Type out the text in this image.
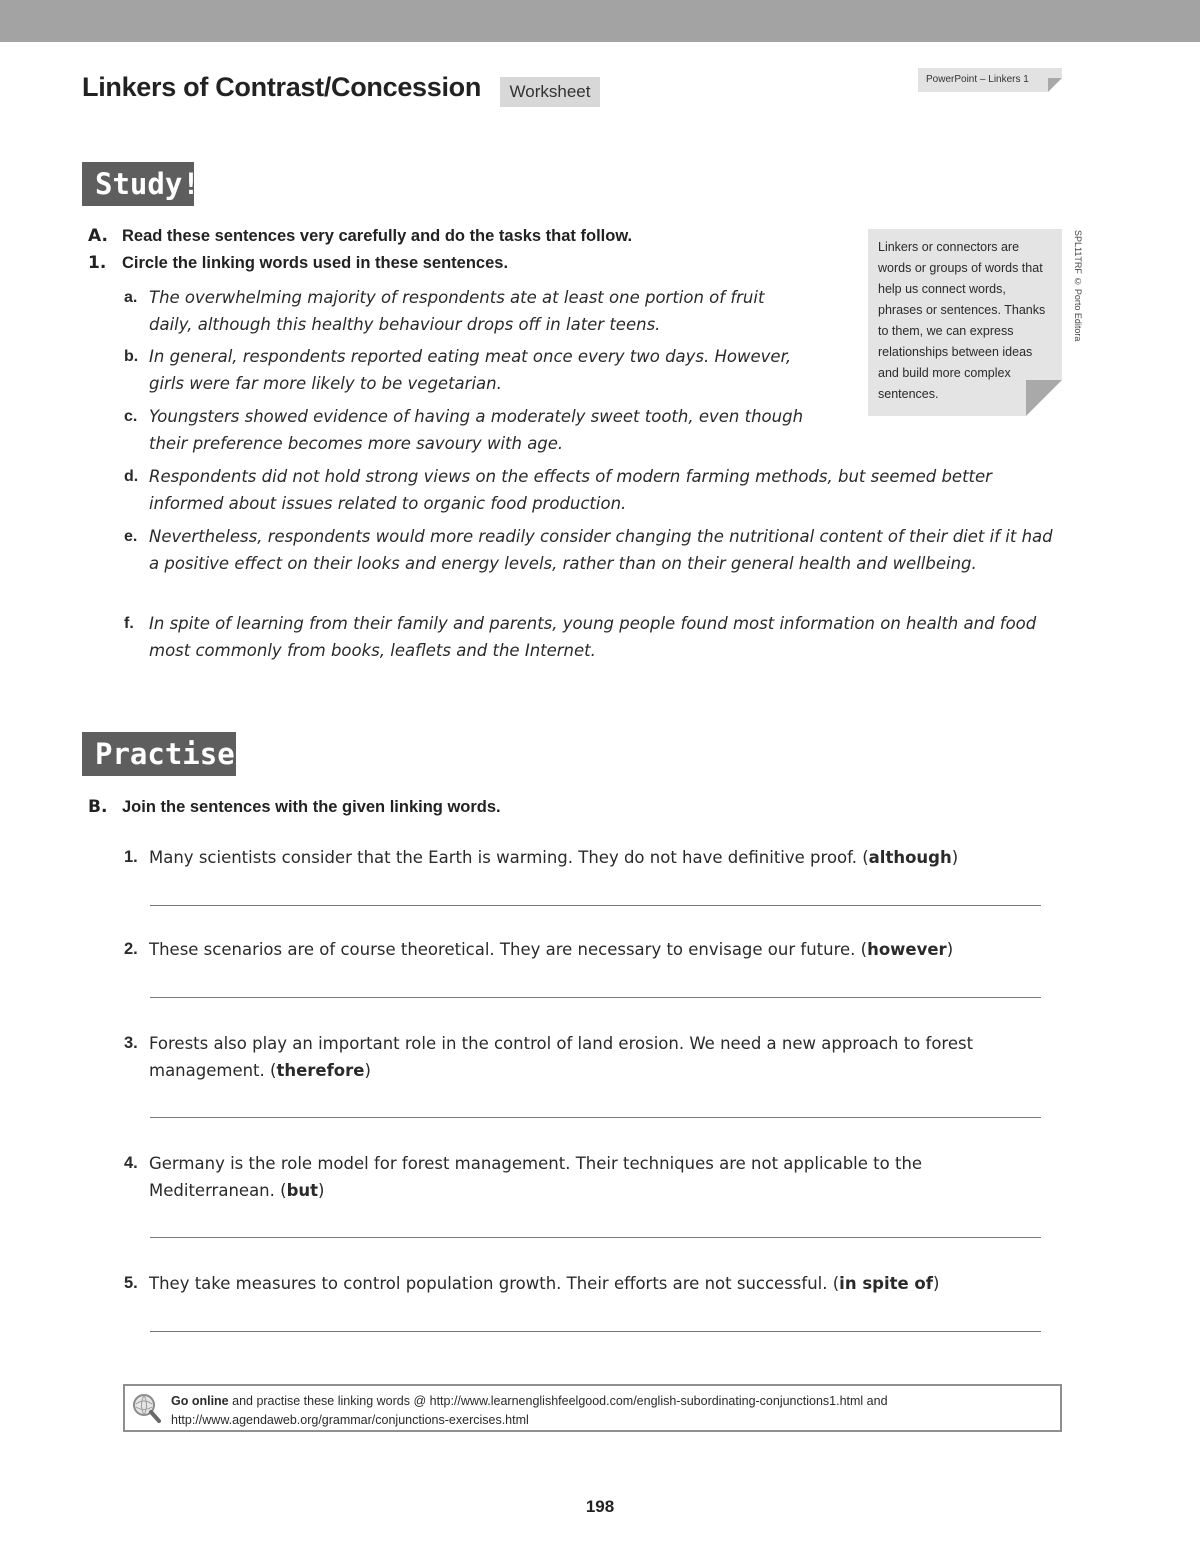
Linkers of Contrast/Concession	Worksheet
PowerPoint – Linkers 1
Study!
A. Read these sentences very carefully and do the tasks that follow.
1. Circle the linking words used in these sentences.
a. The overwhelming majority of respondents ate at least one portion of fruit daily, although this healthy behaviour drops off in later teens.
b. In general, respondents reported eating meat once every two days. However, girls were far more likely to be vegetarian.
c. Youngsters showed evidence of having a moderately sweet tooth, even though their preference becomes more savoury with age.
d. Respondents did not hold strong views on the effects of modern farming methods, but seemed better informed about issues related to organic food production.
e. Nevertheless, respondents would more readily consider changing the nutritional content of their diet if it had a positive effect on their looks and energy levels, rather than on their general health and wellbeing.
f. In spite of learning from their family and parents, young people found most information on health and food most commonly from books, leaflets and the Internet.
Linkers or connectors are words or groups of words that help us connect words, phrases or sentences. Thanks to them, we can express relationships between ideas and build more complex sentences.
SPL11TRF © Porto Editora
Practise!
B. Join the sentences with the given linking words.
1. Many scientists consider that the Earth is warming. They do not have definitive proof. (although)
2. These scenarios are of course theoretical. They are necessary to envisage our future. (however)
3. Forests also play an important role in the control of land erosion. We need a new approach to forest management. (therefore)
4. Germany is the role model for forest management. Their techniques are not applicable to the Mediterranean. (but)
5. They take measures to control population growth. Their efforts are not successful. (in spite of)
Go online and practise these linking words @ http://www.learnenglishfeelgood.com/english-subordinating-conjunctions1.html and http://www.agendaweb.org/grammar/conjunctions-exercises.html
198
